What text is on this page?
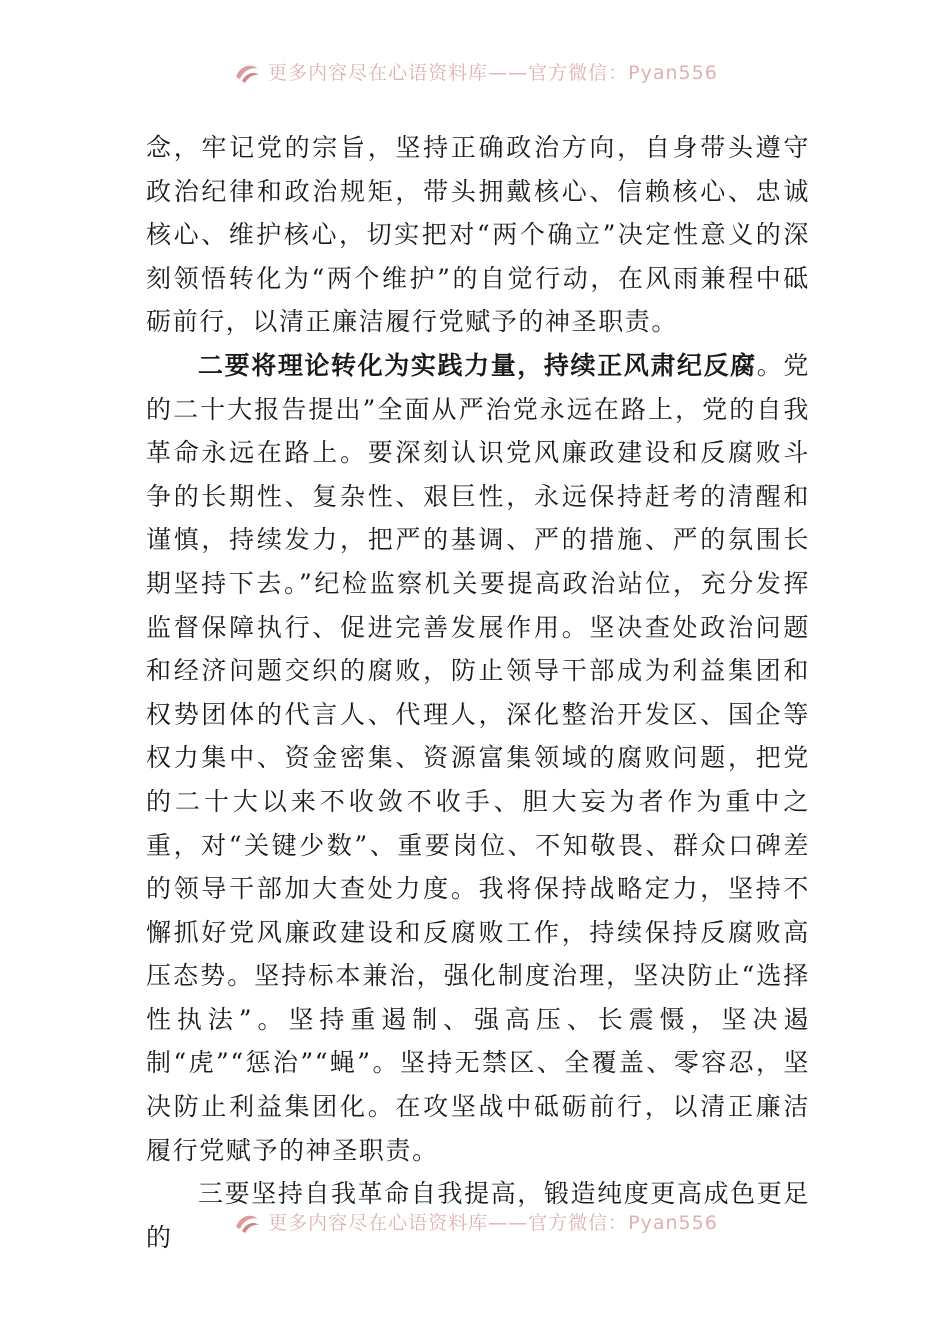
更多内容尽在心语资料库——官方微信：Pyan556

念，牢记党的宗旨，坚持正确政治方向，自身带头遵守政治纪律和政治规矩，带头拥戴核心、信赖核心、忠诚核心、维护核心，切实把对“两个确立”决定性意义的深刻领悟转化为“两个维护”的自觉行动，在风雨兼程中砥砺前行，以清正廉洁履行党赋予的神圣职责。

二要将理论转化为实践力量，持续正风肃纪反腐。党的二十大报告提出”全面从严治党永远在路上，党的自我革命永远在路上。要深刻认识党风廉政建设和反腐败斗争的长期性、复杂性、艰巨性，永远保持赶考的清醒和谨慎，持续发力，把严的基调、严的措施、严的氛围长期坚持下去。”纪检监察机关要提高政治站位，充分发挥监督保障执行、促进完善发展作用。坚决查处政治问题和经济问题交织的腐败，防止领导干部成为利益集团和权势团体的代言人、代理人，深化整治开发区、国企等权力集中、资金密集、资源富集领域的腐败问题，把党的二十大以来不收敛不收手、胆大妄为者作为重中之重，对“关键少数”、重要岗位、不知敬畏、群众口碑差的领导干部加大查处力度。我将保持战略定力，坚持不懈抓好党风廉政建设和反腐败工作，持续保持反腐败高压态势。坚持标本兼治，强化制度治理，坚决防止“选择性执法”。坚持重遏制、强高压、长震慑，坚决遏制“虎”“惩治”“蝇”。坚持无禁区、全覆盖、零容忍，坚决防止利益集团化。在攻坚战中砥砺前行，以清正廉洁履行党赋予的神圣职责。

三要坚持自我革命自我提高，锻造纯度更高成色更足的	更多内容尽在心语资料库——官方微信：Pyan556
